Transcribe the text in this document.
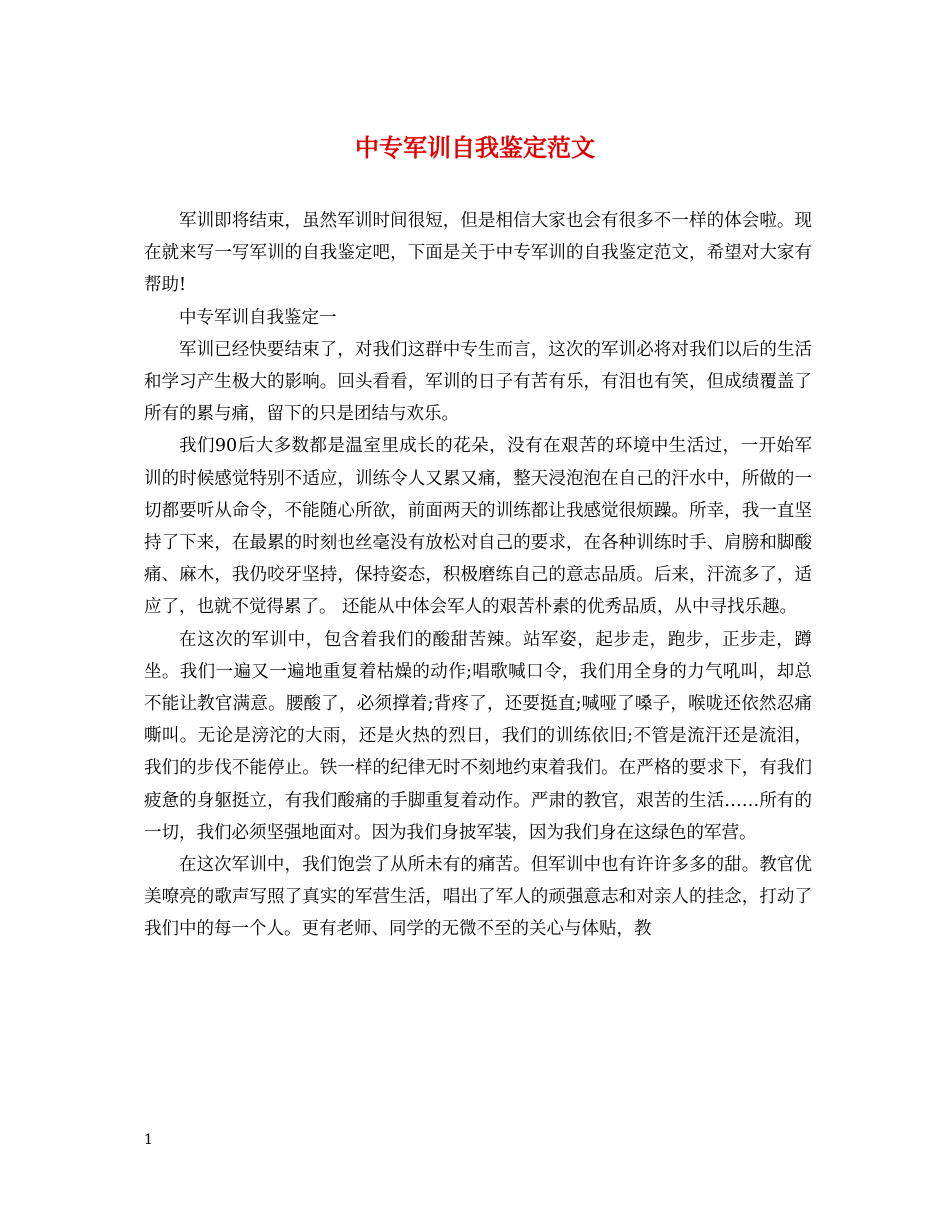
中专军训自我鉴定范文

军训即将结束，虽然军训时间很短，但是相信大家也会有很多不一样的体会啦。现在就来写一写军训的自我鉴定吧，下面是关于中专军训的自我鉴定范文，希望对大家有帮助!

中专军训自我鉴定一

军训已经快要结束了，对我们这群中专生而言，这次的军训必将对我们以后的生活和学习产生极大的影响。回头看看，军训的日子有苦有乐，有泪也有笑，但成绩覆盖了所有的累与痛，留下的只是团结与欢乐。

我们90后大多数都是温室里成长的花朵，没有在艰苦的环境中生活过，一开始军训的时候感觉特别不适应，训练令人又累又痛，整天浸泡泡在自己的汗水中，所做的一切都要听从命令，不能随心所欲，前面两天的训练都让我感觉很烦躁。所幸，我一直坚持了下来，在最累的时刻也丝毫没有放松对自己的要求，在各种训练时手、肩膀和脚酸痛、麻木，我仍咬牙坚持，保持姿态，积极磨练自己的意志品质。后来，汗流多了，适应了，也就不觉得累了。 还能从中体会军人的艰苦朴素的优秀品质，从中寻找乐趣。

在这次的军训中，包含着我们的酸甜苦辣。站军姿，起步走，跑步，正步走，蹲坐。我们一遍又一遍地重复着枯燥的动作;唱歌喊口令，我们用全身的力气吼叫，却总不能让教官满意。腰酸了，必须撑着;背疼了，还要挺直;喊哑了嗓子，喉咙还依然忍痛嘶叫。无论是滂沱的大雨，还是火热的烈日，我们的训练依旧;不管是流汗还是流泪，我们的步伐不能停止。铁一样的纪律无时不刻地约束着我们。在严格的要求下，有我们疲惫的身躯挺立，有我们酸痛的手脚重复着动作。严肃的教官，艰苦的生活……所有的一切，我们必须坚强地面对。因为我们身披军装，因为我们身在这绿色的军营。

在这次军训中，我们饱尝了从所未有的痛苦。但军训中也有许许多多的甜。教官优美嘹亮的歌声写照了真实的军营生活，唱出了军人的顽强意志和对亲人的挂念，打动了我们中的每一个人。更有老师、同学的无微不至的关心与体贴，教

1
